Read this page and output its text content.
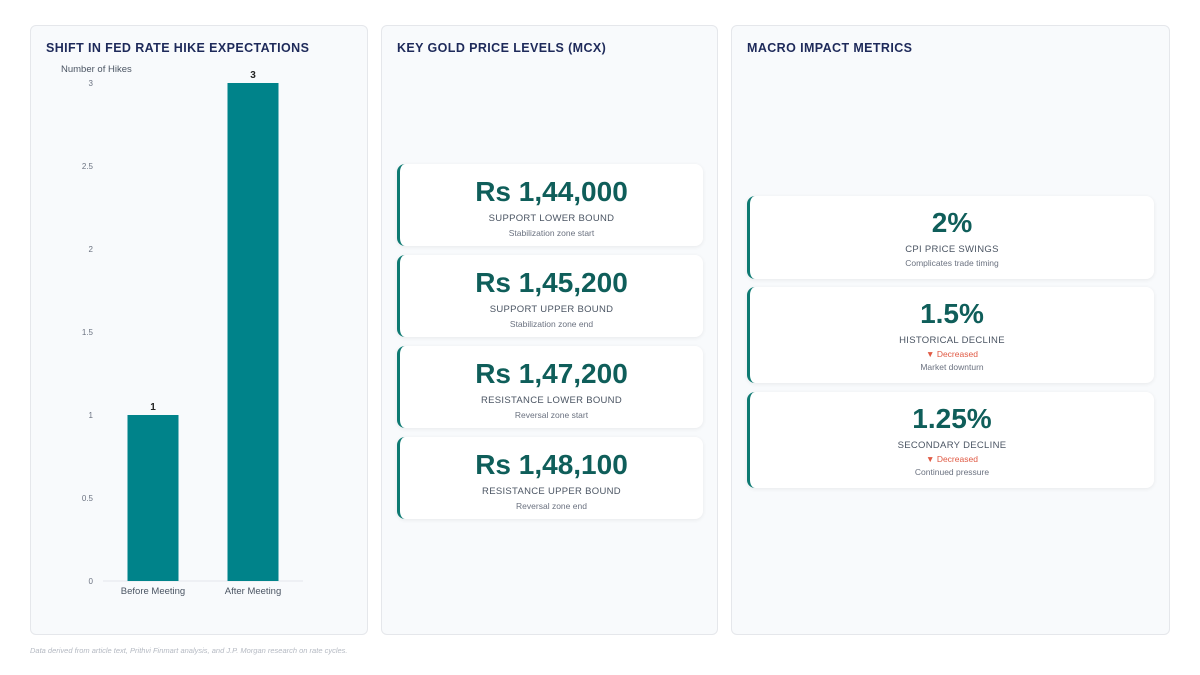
SHIFT IN FED RATE HIKE EXPECTATIONS
Number of Hikes
0
0.5
1
1.5
2
2.5
3
1
Before Meeting
3
After Meeting
KEY GOLD PRICE LEVELS (MCX)
Rs 1,44,000
SUPPORT LOWER BOUND
Stabilization zone start
Rs 1,45,200
SUPPORT UPPER BOUND
Stabilization zone end
Rs 1,47,200
RESISTANCE LOWER BOUND
Reversal zone start
Rs 1,48,100
RESISTANCE UPPER BOUND
Reversal zone end
MACRO IMPACT METRICS
2%
CPI PRICE SWINGS
Complicates trade timing
1.5%
HISTORICAL DECLINE
▼ Decreased
Market downturn
1.25%
SECONDARY DECLINE
▼ Decreased
Continued pressure
Data derived from article text, Prithvi Finmart analysis, and J.P. Morgan research on rate cycles.
